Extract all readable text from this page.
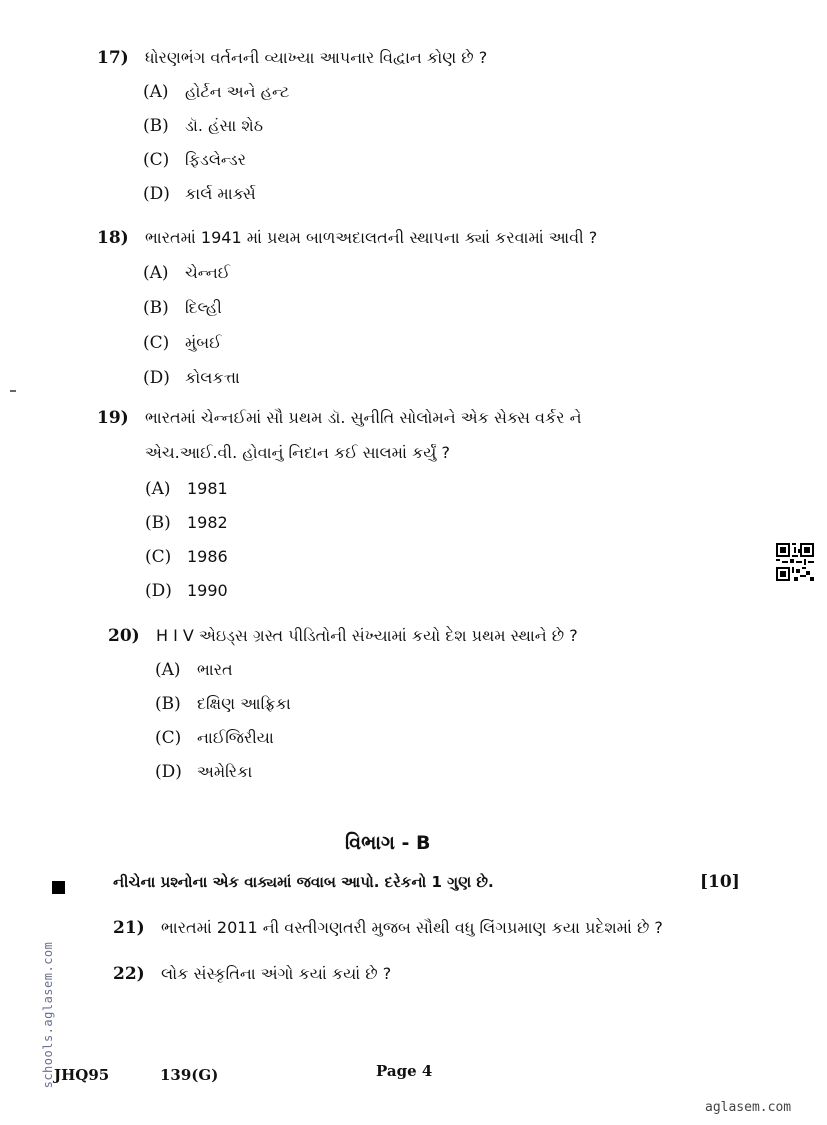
17) ધોરણભંગ વર્તનની વ્યાખ્યા આપનાર વિદ્વાન કોણ છે ?
(A) હોર્ટન અને હન્ટ
(B) ડૉ. હંસા શેઠ
(C) ફિડલેન્ડર
(D) કાર્લ માર્ક્સ
18) ભારતમાં 1941 માં પ્રથમ બાળઅદાલતની સ્થાપના ક્યાં કરવામાં આવી ?
(A) ચેન્નઈ
(B) દિલ્હી
(C) મુંબઈ
(D) કોલકત્તા
19) ભારતમાં ચેન્નઈમાં સૌ પ્રથમ ડૉ. સુનીતિ સોલોમને એક સેક્સ વર્કર ને
એચ.આઈ.વી. હોવાનું નિદાન કઈ સાલમાં કર્યું ?
(A) 1981
(B) 1982
(C) 1986
(D) 1990
20) H I V એઇડ્સ ગ્રસ્ત પીડિતોની સંખ્યામાં કયો દેશ પ્રથમ સ્થાને છે ?
(A) ભારત
(B) દક્ષિણ આફ્રિકા
(C) નાઈજિરીયા
(D) અમેરિકા
વિભાગ - B
નીચેના પ્રશ્નોના એક વાક્યમાં જવાબ આપો. દરેકનો 1 ગુણ છે.	[10]
21) ભારતમાં 2011 ની વસ્તીગણતરી મુજબ સૌથી વધુ લિંગપ્રમાણ કયા પ્રદેશમાં છે ?
22) લોક સંસ્કૃતિના અંગો કયાં કયાં છે ?
schools.aglasem.com JHQ95	139(G)	Page 4
aglasem.com
